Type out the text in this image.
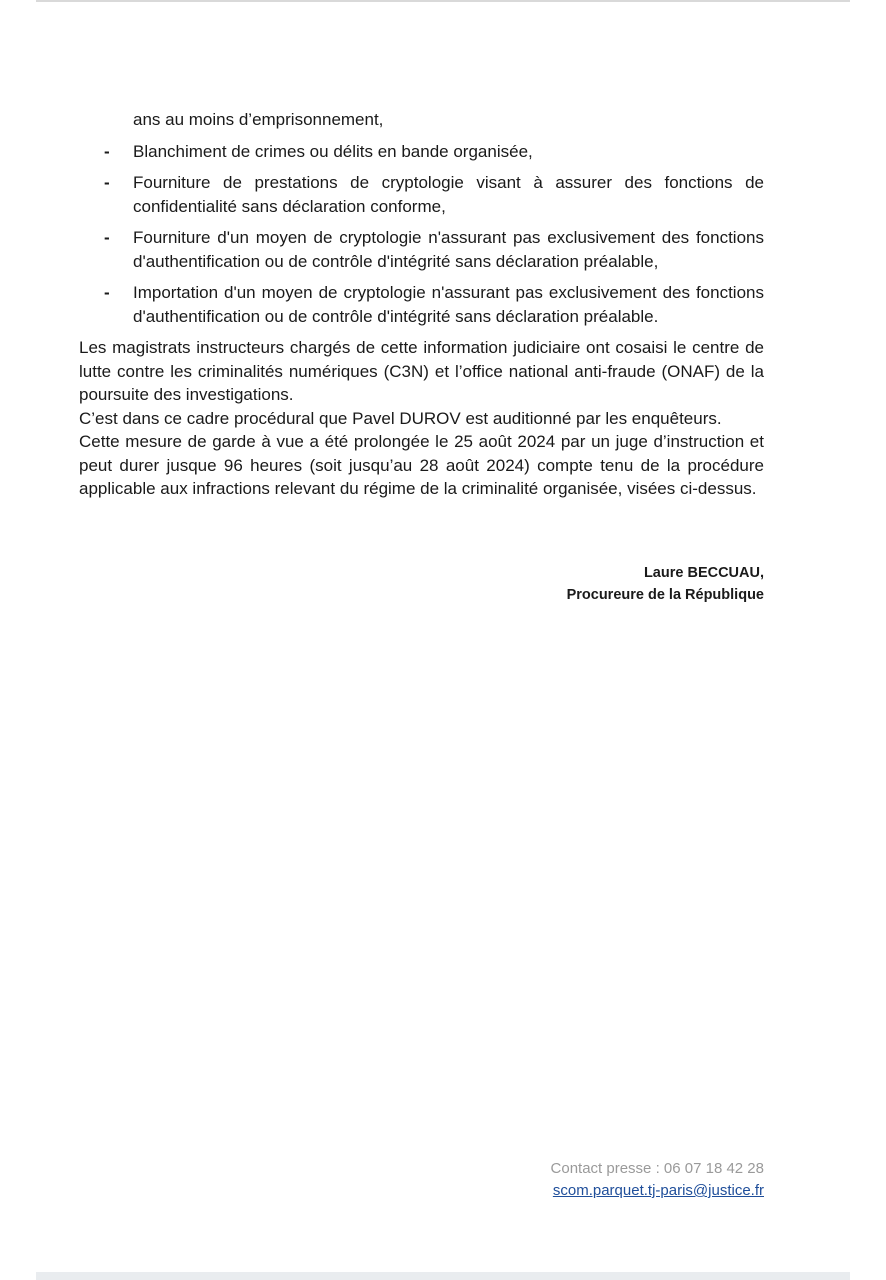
ans au moins d’emprisonnement,

- Blanchiment de crimes ou délits en bande organisée,
- Fourniture de prestations de cryptologie visant à assurer des fonctions de confidentialité sans déclaration conforme,
- Fourniture d'un moyen de cryptologie n'assurant pas exclusivement des fonctions d'authentification ou de contrôle d'intégrité sans déclaration préalable,
- Importation d'un moyen de cryptologie n'assurant pas exclusivement des fonctions d'authentification ou de contrôle d'intégrité sans déclaration préalable.

Les magistrats instructeurs chargés de cette information judiciaire ont cosaisi le centre de lutte contre les criminalités numériques (C3N) et l’office national anti-fraude (ONAF) de la poursuite des investigations.

C’est dans ce cadre procédural que Pavel DUROV est auditionné par les enquêteurs.

Cette mesure de garde à vue a été prolongée le 25 août 2024 par un juge d’instruction et peut durer jusque 96 heures (soit jusqu’au 28 août 2024) compte tenu de la procédure applicable aux infractions relevant du régime de la criminalité organisée, visées ci-dessus.

Laure BECCUAU,
Procureure de la République
Contact presse : 06 07 18 42 28
scom.parquet.tj-paris@justice.fr
